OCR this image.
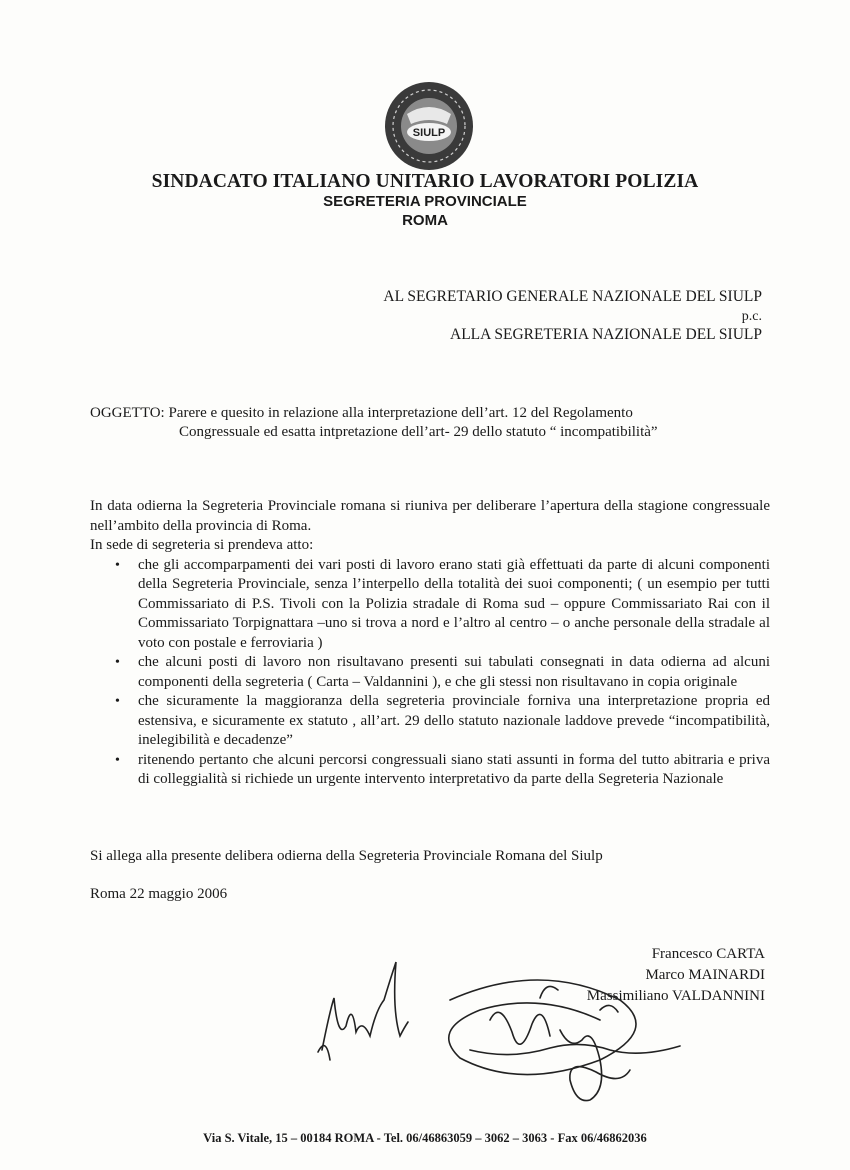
SIULP
SINDACATO ITALIANO UNITARIO LAVORATORI POLIZIA
SEGRETERIA PROVINCIALE
ROMA
AL SEGRETARIO GENERALE NAZIONALE DEL SIULP
p.c.
ALLA SEGRETERIA NAZIONALE DEL SIULP
OGGETTO: Parere e quesito in relazione alla interpretazione dell’art. 12 del Regolamento
Congressuale ed esatta intpretazione dell’art- 29 dello statuto “ incompatibilità”

In data odierna la Segreteria Provinciale romana si riuniva per deliberare l’apertura della stagione congressuale nell’ambito della provincia di Roma.

In sede di segreteria si prendeva atto:

• che gli accomparpamenti dei vari posti di lavoro erano stati già effettuati da parte di alcuni componenti della Segreteria Provinciale, senza l’interpello della totalità dei suoi componenti; ( un esempio per tutti Commissariato di P.S. Tivoli con la Polizia stradale di Roma sud – oppure Commissariato Rai con il Commissariato Torpignattara –uno si trova a nord e l’altro al centro – o anche personale della stradale al voto con postale e ferroviaria )
• che alcuni posti di lavoro non risultavano presenti sui tabulati consegnati in data odierna ad alcuni componenti della segreteria ( Carta – Valdannini ), e che gli stessi non risultavano in copia originale
• che sicuramente la maggioranza della segreteria provinciale forniva una interpretazione propria ed estensiva, e sicuramente ex statuto , all’art. 29 dello statuto nazionale laddove prevede “incompatibilità, inelegibilità e decadenze”
• ritenendo pertanto che alcuni percorsi congressuali siano stati assunti in forma del tutto abitraria e priva di colleggialità si richiede un urgente intervento interpretativo da parte della Segreteria Nazionale
Si allega alla presente delibera odierna della Segreteria Provinciale Romana del Siulp
Roma 22 maggio 2006
Francesco CARTA
Marco MAINARDI
Massimiliano VALDANNINI
Via S. Vitale, 15 – 00184 ROMA - Tel. 06/46863059 – 3062 – 3063 - Fax 06/46862036
